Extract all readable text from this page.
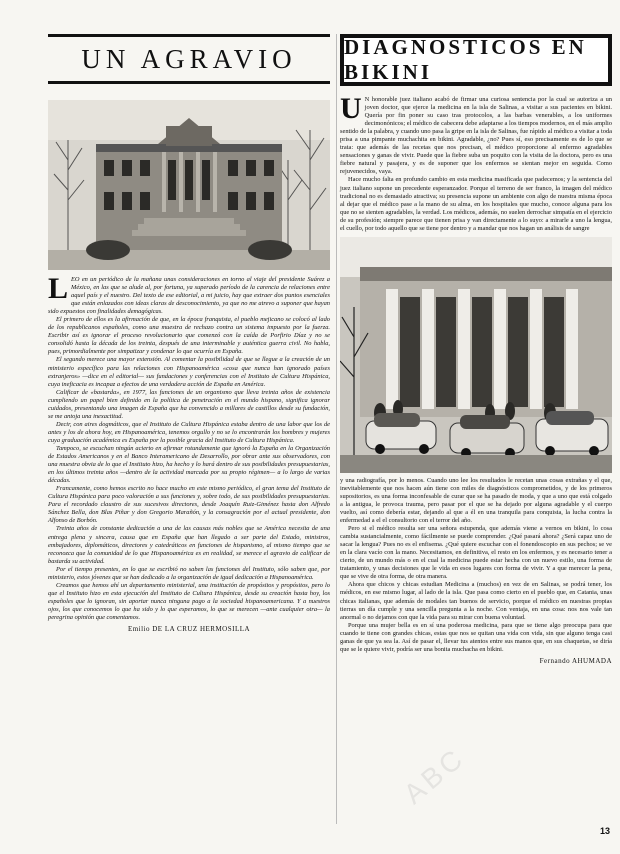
ABC
UN AGRAVIO

LEO en un periódico de la mañana unas consideraciones en torno al viaje del presidente Suárez a México, en las que se alude al, por fortuna, ya superado período de la carencia de relaciones entre aquel país y el nuestro. Del texto de ese editorial, a mi juicio, hay que extraer dos puntos esenciales que están enlazados con ideas claras de desconocimiento, ya que no me atrevo a suponer que hayan sido expuestos con finalidades demagógicas.

El primero de ellos es la afirmación de que, en la época franquista, el pueblo mejicano se colocó al lado de los republicanos españoles, como una muestra de rechazo contra un sistema impuesto por la fuerza. Escribir así es ignorar el proceso revolucionario que comenzó con la caída de Porfirio Díaz y no se consolidó hasta la década de los treinta, después de una interminable y auténtica guerra civil. No habla, pues, primordialmente por simpatizar y condenar lo que ocurría en España.

El segundo merece una mayor extensión. Al comentar la posibilidad de que se llegue a la creación de un ministerio específico para las relaciones con Hispanoamérica «cosa que nunca han ignorado países extranjeros» —dice en el editorial— sus fundaciones y conferencias con el Instituto de Cultura Hispánica, cuya ineficacia es incapaz a efectos de una verdadera acción de España en América.

Calificar de «bastarda», en 1977, las funciones de un organismo que lleva treinta años de existencia cumpliendo un papel bien definido en la política de penetración en el mundo hispano, significa ignorar cuidados, presentando una imagen de España que ha convencido a millares de castillos desde su fundación, se me antoja una inexactitud.

Decir, con aires dogmáticos, que el Instituto de Cultura Hispánica estaba dentro de una labor que los de antes y los de ahora hoy, en Hispanoamérica, tenemos orgullo y no se lo encontrarán los hombres y mujeres cuya graduación académica es España por la posible gracia del Instituto de Cultura Hispánica.

Tampoco, se escuchan ningún acierto en afirmar rotundamente que ignoró la España en la Organización de Estados Americanos y en el Banco Interamericano de Desarrollo, por obrar ante sus observadores, con una muestra obvia de lo que el Instituto hizo, ha hecho y lo hará dentro de sus posibilidades presupuestarias, en los últimos treinta años —dentro de la actividad marcada por su propio régimen— a lo largo de varias décadas.

Francamente, como hemos escrito no hace mucho en este mismo periódico, el gran tema del Instituto de Cultura Hispánica para poco valoración a sus funciones y, sobre todo, de sus posibilidades presupuestarias. Para el recordado claustro de sus sucesivos directores, desde Joaquín Ruiz-Giménez hasta don Alfredo Sánchez Bella, don Blas Piñar y don Gregorio Marañón, y la consagración por el actual presidente, don Alfonso de Borbón.

Treinta años de constante dedicación a una de las causas más nobles que se América necesita de una entrega plena y sincera, causa que en España que han llegado a ser parte del Estado, ministros, embajadores, diplomáticos, directores y catedráticos en funciones de hispanismo, al mismo tiempo que se reconozca que la comunidad de lo que Hispanoamérica es en realidad, se merece el agravio de calificar de bastarda su actividad.

Por el tiempo presentes, en lo que se escribió no saben las funciones del Instituto, sólo saben que, por ministerio, estos jóvenes que se han dedicado a la organización de igual dedicación a Hispanoamérica.

Creamos que hemos ahí un departamento ministerial, una institución de propósitos y propósitos, pero lo que el Instituto hizo en esta ejecución del Instituto de Cultura Hispánica, desde su creación hasta hoy, los españoles que lo ignoran, sin aportar nunca ninguna pago a la sociedad hispanoamericana. Y a nuestros ojos, los que conocemos lo que ha sido y lo que esperamos, lo que se merecen —ante cualquier otra— la peregrina opinión que comentamos.

Emilio DE LA CRUZ HERMOSILLA
DIAGNOSTICOS EN BIKINI

U N honorable juez italiano acabó de firmar una curiosa sentencia por la cual se autoriza a un joven doctor, que ejerce la medicina en la isla de Salinas, a visitar a sus pacientes en bikini. Quería por fin poner su caso tras protocolos, a las barbas venerables, a los uniformes decimonónicos; el médico de cabecera debe adaptarse a los tiempos modernos, en el más amplio sentido de la palabra, y cuando uno pasa la gripe en la isla de Salinas, fue rápido al médico a visitar a toda prisa a una pimpante muchachita en bikini. Agradable, ¿no? Pues sí, eso precisamente es de lo que se trata: que además de las recetas que nos precisan, el médico proporcione al enfermo agradables sensaciones y ganas de vivir. Puede que la fiebre suba un poquito con la visita de la doctora, pero es una fiebre natural y pasajera, y es de suponer que los enfermos se sientan mejor en seguida. Como rejuvenecidos, vaya.

Hace mucho falta en profundo cambio en esta medicina masificada que padecemos; y la sentencia del juez italiano supone un precedente esperanzador. Porque el terreno de ser franco, la imagen del médico tradicional no es demasiado atractiva; su presencia supone un ambiente con algo de nuestra misma época al dejar que el médico pase a la mano de su alma, en los hospitales que mucho, conoce alguna para los que no se sienten agradables, la verdad. Los médicos, además, no suelen derrochar simpatía en el ejercicio de su profesión; siempre parece que tienen prisa y van directamente a lo suyo: a mirarle a uno la lengua, el cuello, por todo aquello que se tiene por dentro y a mandar que nos hagan un análisis de sangre

y una radiografía, por lo menos. Cuando uno lee los resultados le recetan unas cosas extrañas y el que, inevitablemente que nos hacen aún tiene con miles de diagnósticos comprometidos, y de los primeros supositorios, es una forma inconfesable de curar que se ha pasado de moda, y que a uno que está colgado a la antigua, le provoca trauma, pero pasar por el que se ha dejado por alguna agradable y el cuerpo vuelto, así como debería estar, dejando al que a él en una tranquila para conquista, la lucha contra la enfermedad a el el consultorio con el terror del año.

Pero si el médico resulta ser una señora estupenda, que además viene a vernos en bikini, lo cosa cambia sustancialmente, como fácilmente se puede comprender. ¿Qué pasará ahora? ¿Será capaz uno de sacar la lengua? Pues no es el enfisema. ¿Qué quiere escuchar con el fonendoscopio en sus pechos; se ve en la clara vacío con la mano. Necesitamos, en definitiva, el resto en los enfermos, y es necesario tener a cierto, de un mundo más o en el cual la medicina puede estar hecha con un nuevo estilo, una forma de tratamiento, y unas decisiones que le vida en esos lugares con forma de vivir. Y a que merecer la pena, que se vive de otra forma, de otra manera.

Ahora que chicos y chicas estudian Medicina a (muchos) en vez de en Salinas, se podrá tener, los médicos, en ese mismo lugar, al lado de la isla. Que pasa como cierto en el pueblo que, en Catania, unas chicas italianas, que además de modales tan buenos de servicio, porque el médico en nuestras propias tierras un día cumple y una sencilla pregunta a la noche. Con ventaja, en una cosa: nos nos vale tan anormal o no dejamos con que la vida para su mirar con buena voluntad.

Porque una mujer bella es en sí una poderosa medicina, para que se tiene algo preocupa para que cuando te tiene con grandes chicas, estas que nos se quitan una vida con vida, sin que alguno tenga casi ganas de que ya sea la. Así de pasar el, llevar tus atentos entre sus manos que, en sus chaquetas, se diría que se le quiere vivir, podría ser una bonita muchacha en bikini.

Fernando AHUMADA
13
